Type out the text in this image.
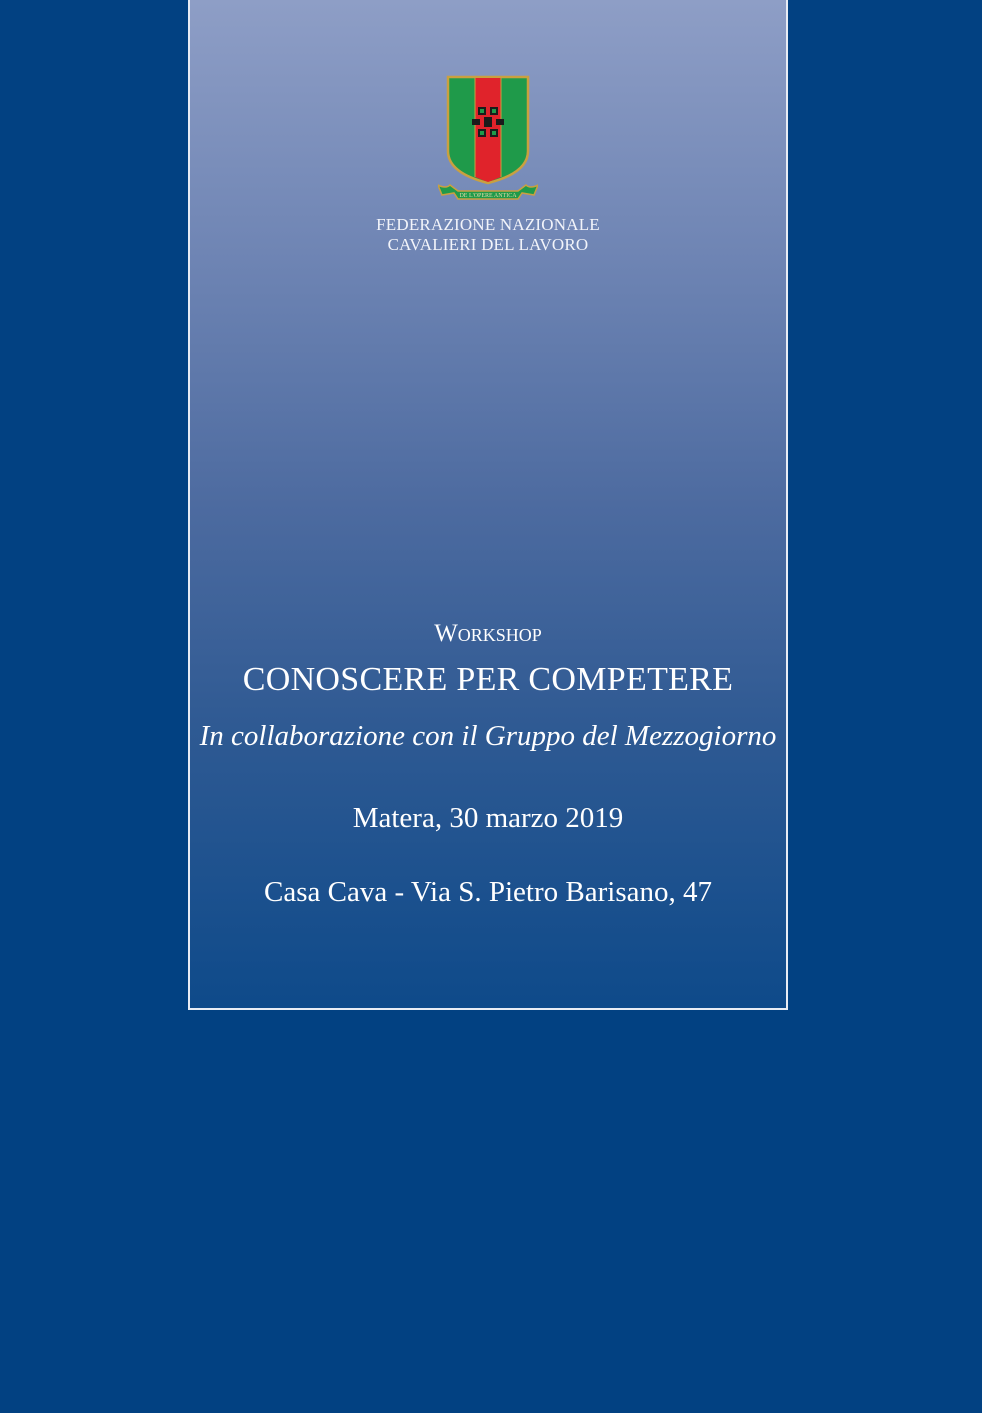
DE L'OPERE ANTICA
FEDERAZIONE NAZIONALE
CAVALIERI DEL LAVORO
Workshop
CONOSCERE PER COMPETERE
In collaborazione con il Gruppo del Mezzogiorno
Matera, 30 marzo 2019
Casa Cava - Via S. Pietro Barisano, 47
